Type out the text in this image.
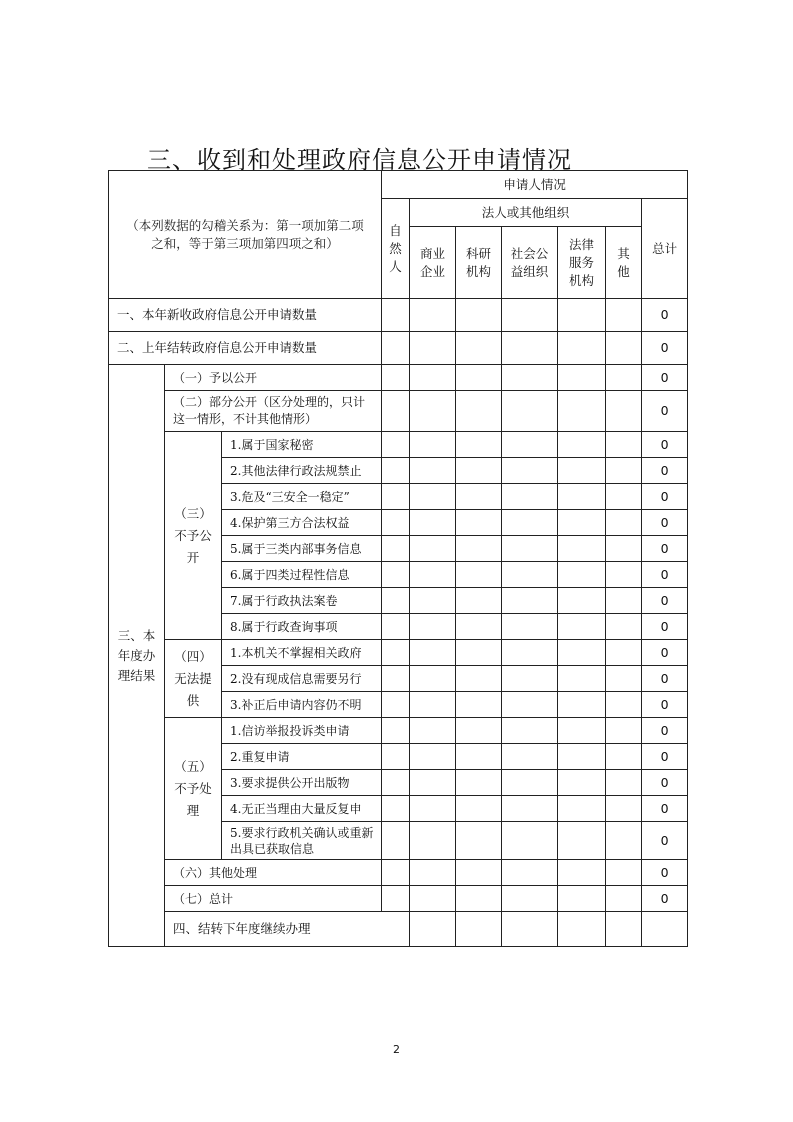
三、收到和处理政府信息公开申请情况
（本列数据的勾稽关系为：第一项加第二项之和，等于第三项加第四项之和）			申请人情况							
			自然人	法人或其他组织					总计	
				商业企业	科研机构	社会公益组织	法律服务机构	其他		
一、本年新收政府信息公开申请数量									0	
二、上年结转政府信息公开申请数量									0	
三、本年度办理结果	（一）予以公开								0	
	（二）部分公开（区分处理的，只计这一情形，不计其他情形）								0	
	（三）不予公开	1.属于国家秘密							0	
		2.其他法律行政法规禁止							0	
		3.危及“三安全一稳定”							0	
		4.保护第三方合法权益							0	
		5.属于三类内部事务信息							0	
		6.属于四类过程性信息							0	
		7.属于行政执法案卷							0	
		8.属于行政查询事项							0	
	（四）无法提供	1.本机关不掌握相关政府							0	
		2.没有现成信息需要另行							0	
		3.补正后申请内容仍不明							0	
	（五）不予处理	1.信访举报投诉类申请							0	
		2.重复申请							0	
		3.要求提供公开出版物							0	
		4.无正当理由大量反复申							0	
		5.要求行政机关确认或重新出具已获取信息							0	
	（六）其他处理								0	
	（七）总计								0	
	四、结转下年度继续办理							
2
